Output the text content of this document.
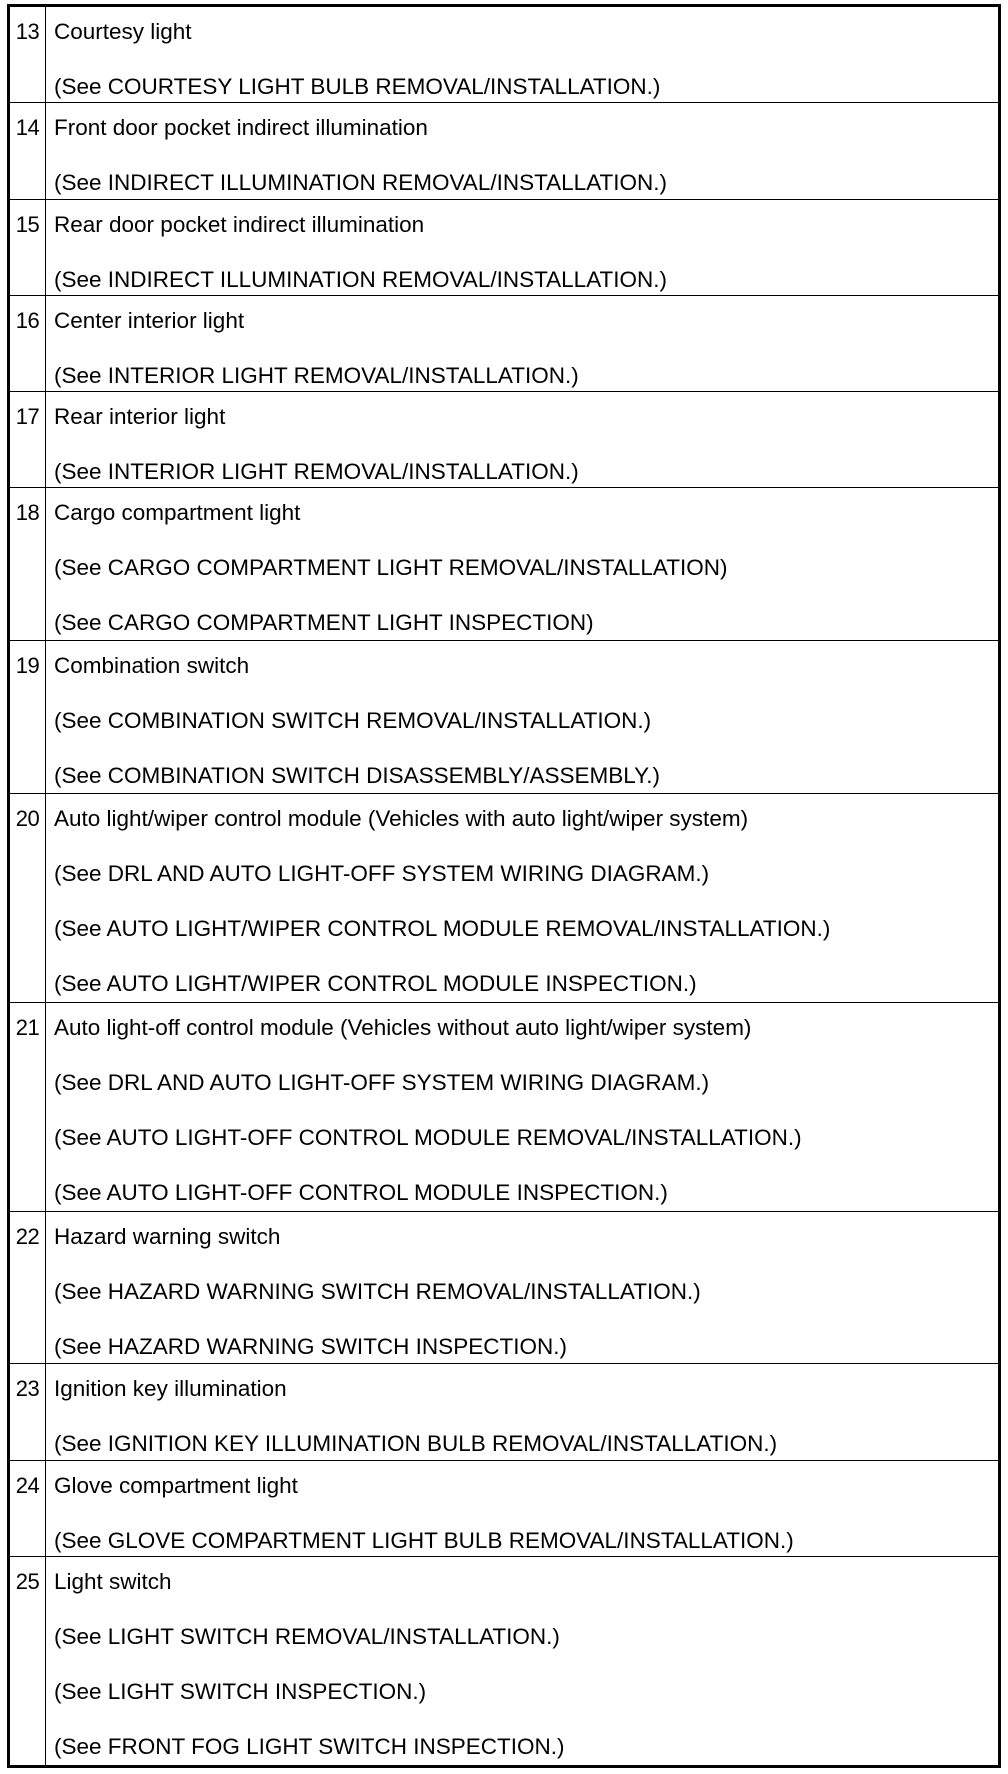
13	Courtesy light
(See COURTESY LIGHT BULB REMOVAL/INSTALLATION.)

14	Front door pocket indirect illumination
(See INDIRECT ILLUMINATION REMOVAL/INSTALLATION.)

15	Rear door pocket indirect illumination
(See INDIRECT ILLUMINATION REMOVAL/INSTALLATION.)

16	Center interior light
(See INTERIOR LIGHT REMOVAL/INSTALLATION.)

17	Rear interior light
(See INTERIOR LIGHT REMOVAL/INSTALLATION.)

18	Cargo compartment light
(See CARGO COMPARTMENT LIGHT REMOVAL/INSTALLATION)
(See CARGO COMPARTMENT LIGHT INSPECTION)

19	Combination switch
(See COMBINATION SWITCH REMOVAL/INSTALLATION.)
(See COMBINATION SWITCH DISASSEMBLY/ASSEMBLY.)

20	Auto light/wiper control module (Vehicles with auto light/wiper system)
(See DRL AND AUTO LIGHT-OFF SYSTEM WIRING DIAGRAM.)
(See AUTO LIGHT/WIPER CONTROL MODULE REMOVAL/INSTALLATION.)
(See AUTO LIGHT/WIPER CONTROL MODULE INSPECTION.)

21	Auto light-off control module (Vehicles without auto light/wiper system)
(See DRL AND AUTO LIGHT-OFF SYSTEM WIRING DIAGRAM.)
(See AUTO LIGHT-OFF CONTROL MODULE REMOVAL/INSTALLATION.)
(See AUTO LIGHT-OFF CONTROL MODULE INSPECTION.)

22	Hazard warning switch
(See HAZARD WARNING SWITCH REMOVAL/INSTALLATION.)
(See HAZARD WARNING SWITCH INSPECTION.)

23	Ignition key illumination
(See IGNITION KEY ILLUMINATION BULB REMOVAL/INSTALLATION.)

24	Glove compartment light
(See GLOVE COMPARTMENT LIGHT BULB REMOVAL/INSTALLATION.)

25	Light switch
(See LIGHT SWITCH REMOVAL/INSTALLATION.)
(See LIGHT SWITCH INSPECTION.)
(See FRONT FOG LIGHT SWITCH INSPECTION.)
